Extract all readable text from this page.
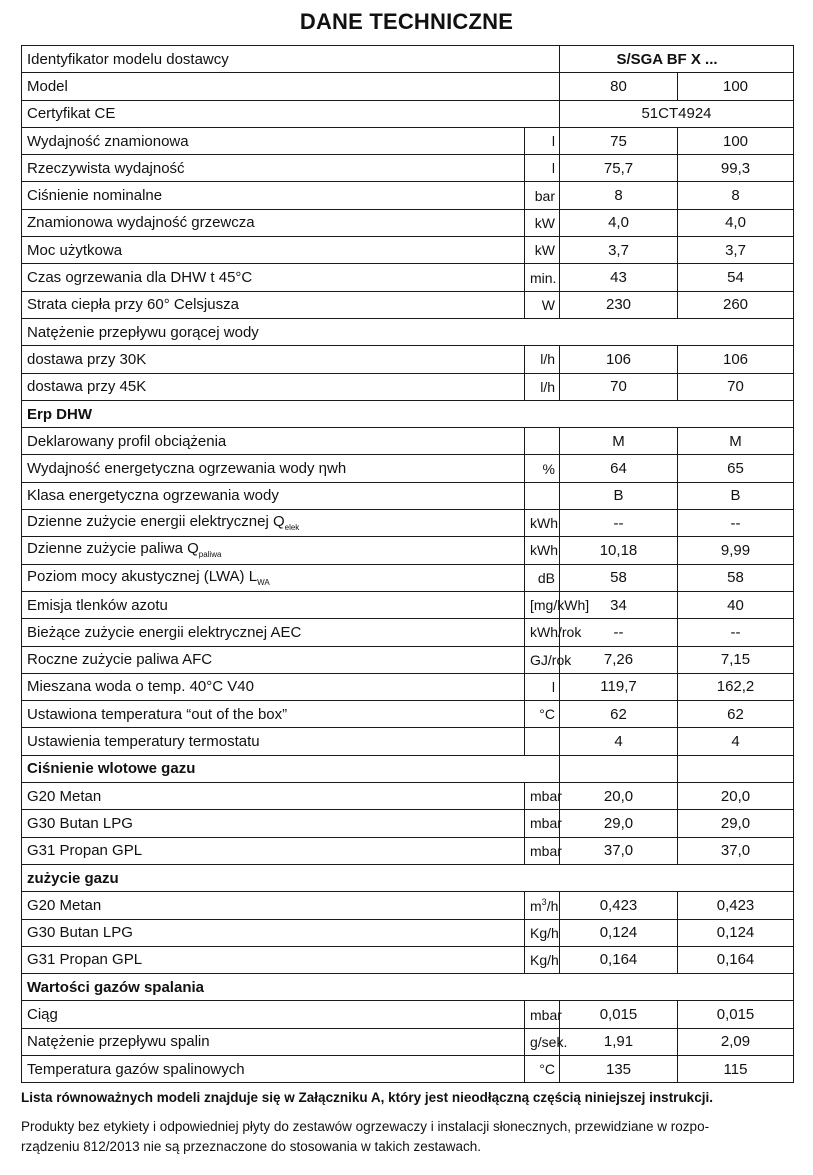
DANE TECHNICZNE
Identyfikator modelu dostawcy		S/SGA BF X ...	
Model		80	100
Certyfikat CE		51CT4924	
Wydajność znamionowa	l	75	100
Rzeczywista wydajność	l	75,7	99,3
Ciśnienie nominalne	bar	8	8
Znamionowa wydajność grzewcza	kW	4,0	4,0
Moc użytkowa	kW	3,7	3,7
Czas ogrzewania dla DHW t 45°C	min.	43	54
Strata ciepła przy 60° Celsjusza	W	230	260
Natężenie przepływu gorącej wody			
dostawa przy 30K	l/h	106	106
dostawa przy 45K	l/h	70	70
Erp DHW			
Deklarowany profil obciążenia		M	M
Wydajność energetyczna ogrzewania wody ηwh	%	64	65
Klasa energetyczna ogrzewania wody		B	B
Dzienne zużycie energii elektrycznej $Q_{elek}$	kWh	--	--
Dzienne zużycie paliwa $Q_{paliwa}$	kWh	10,18	9,99
Poziom mocy akustycznej (LWA) $L_{WA}$	dB	58	58
Emisja tlenków azotu	[mg/kWh]	34	40
Bieżące zużycie energii elektrycznej AEC	kWh/rok	--	--
Roczne zużycie paliwa AFC	GJ/rok	7,26	7,15
Mieszana woda o temp. 40°C V40	l	119,7	162,2
Ustawiona temperatura “out of the box”	°C	62	62
Ustawienia temperatury termostatu		4	4
Ciśnienie wlotowe gazu			
G20 Metan	mbar	20,0	20,0
G30 Butan LPG	mbar	29,0	29,0
G31 Propan GPL	mbar	37,0	37,0
zużycie gazu			
G20 Metan	$m^3/h$	0,423	0,423
G30 Butan LPG	Kg/h	0,124	0,124
G31 Propan GPL	Kg/h	0,164	0,164
Wartości gazów spalania			
Ciąg	mbar	0,015	0,015
Natężenie przepływu spalin	g/sek.	1,91	2,09
Temperatura gazów spalinowych	°C	135	115
Lista równoważnych modeli znajduje się w Załączniku A, który jest nieodłączną częścią niniejszej instrukcji.
Produkty bez etykiety i odpowiedniej płyty do zestawów ogrzewaczy i instalacji słonecznych, przewidziane w rozpo-
rządzeniu 812/2013 nie są przeznaczone do stosowania w takich zestawach.
